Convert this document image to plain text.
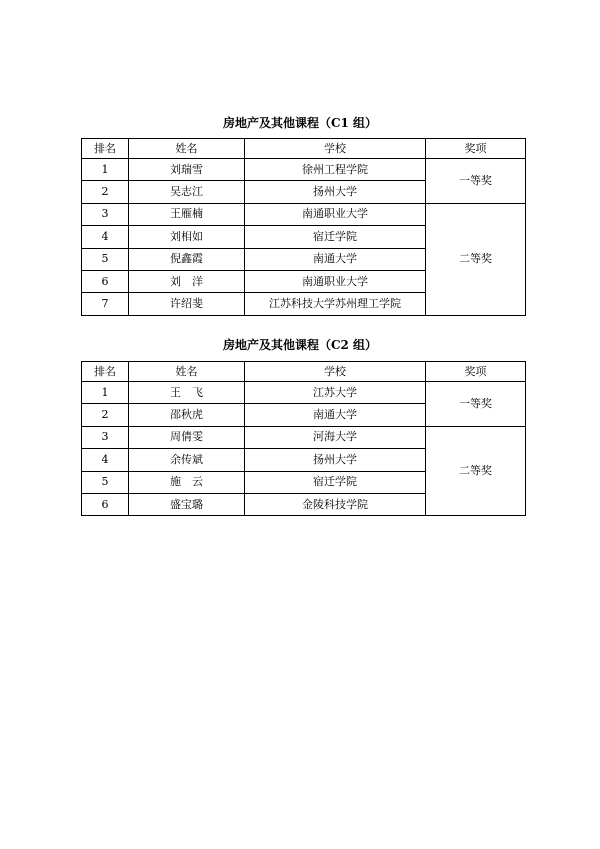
房地产及其他课程（C1 组）
排名	姓名	学校	奖项
1	刘瑞雪	徐州工程学院	一等奖
2	吴志江	扬州大学	
3	王雁楠	南通职业大学	二等奖
4	刘相如	宿迁学院	
5	倪鑫霞	南通大学	
6	刘　洋	南通职业大学	
7	许绍斐	江苏科技大学苏州理工学院	
房地产及其他课程（C2 组）
排名	姓名	学校	奖项
1	王　飞	江苏大学	一等奖
2	邵秋虎	南通大学	
3	周倩雯	河海大学	二等奖
4	余传斌	扬州大学	
5	施　云	宿迁学院	
6	盛宝璐	金陵科技学院	
